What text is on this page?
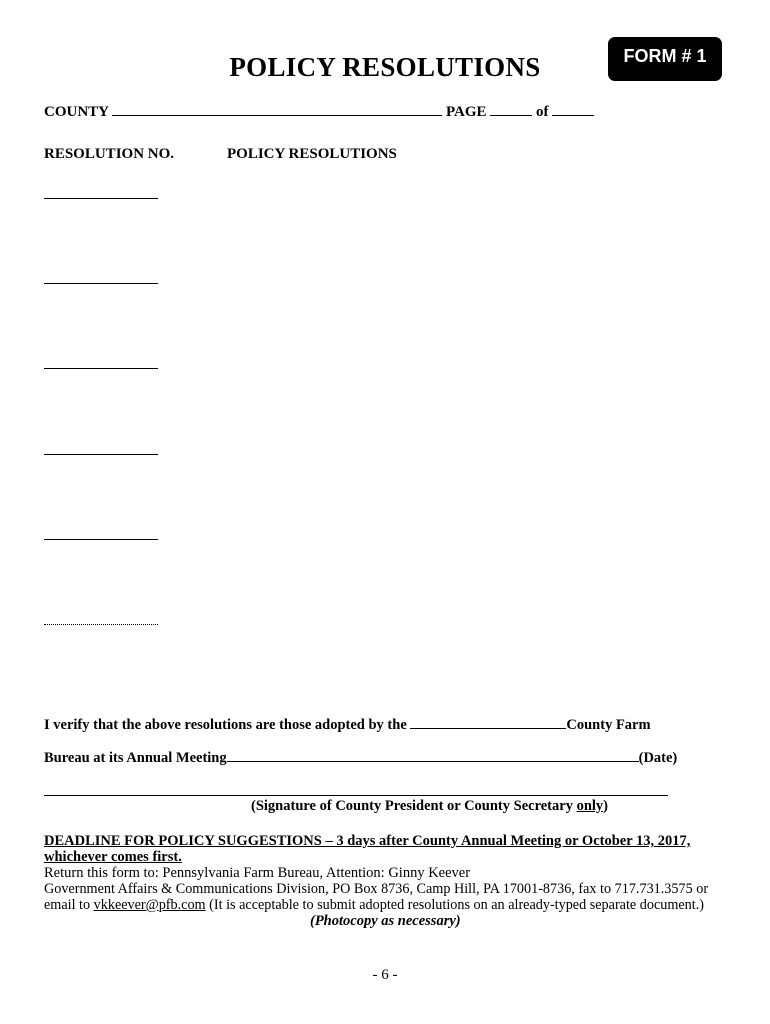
POLICY RESOLUTIONS	FORM # 1
COUNTY	PAGE	of
RESOLUTION NO.	POLICY RESOLUTIONS
I verify that the above resolutions are those adopted by the	County Farm
Bureau at its Annual Meeting	(Date)
(Signature of County President or County Secretary only)
DEADLINE FOR POLICY SUGGESTIONS – 3 days after County Annual Meeting or October 13, 2017,
whichever comes first.
Return this form to: Pennsylvania Farm Bureau, Attention: Ginny Keever
Government Affairs & Communications Division, PO Box 8736, Camp Hill, PA 17001-8736, fax to 717.731.3575 or
email to vkkeever@pfb.com (It is acceptable to submit adopted resolutions on an already-typed separate document.)
(Photocopy as necessary)
- 6 -
